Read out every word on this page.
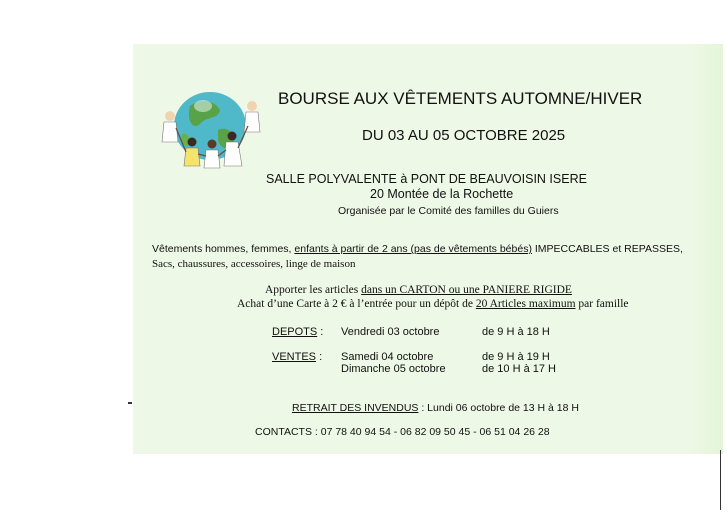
BOURSE AUX VÊTEMENTS AUTOMNE/HIVER
DU 03 AU 05 OCTOBRE 2025
SALLE POLYVALENTE à PONT DE BEAUVOISIN ISERE
20 Montée de la Rochette
Organisée par le Comité des familles du Guiers
Vêtements hommes, femmes, enfants à partir de 2 ans (pas de vêtements bébés) IMPECCABLES et REPASSES,
Sacs, chaussures, accessoires, linge de maison
Apporter les articles dans un CARTON ou une PANIERE RIGIDE
Achat d’une Carte à 2 € à l’entrée pour un dépôt de 20 Articles maximum par famille
DEPOTS : Vendredi 03 octobre	de 9 H à 18 H
VENTES : Samedi 04 octobre	de 9 H à 19 H
Dimanche 05 octobre	de 10 H à 17 H
RETRAIT DES INVENDUS : Lundi 06 octobre de 13 H à 18 H
CONTACTS : 07 78 40 94 54 - 06 82 09 50 45 - 06 51 04 26 28
